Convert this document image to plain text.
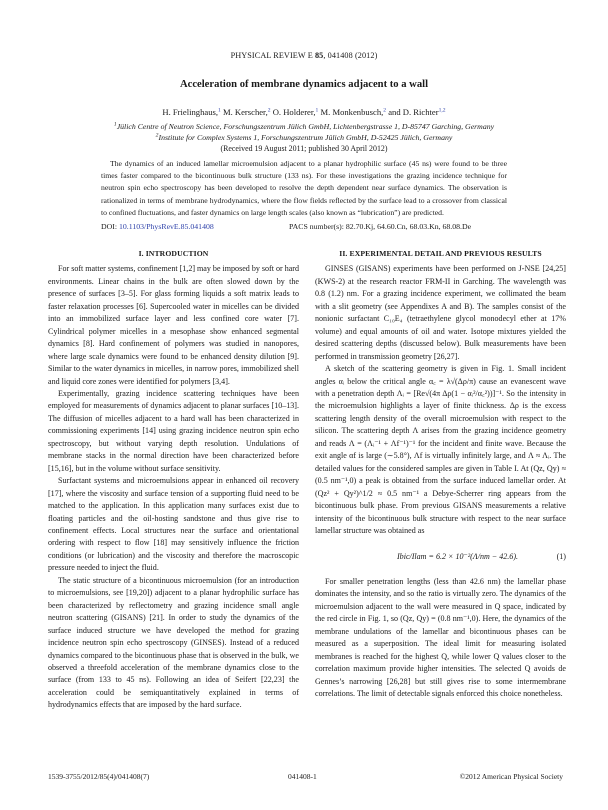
PHYSICAL REVIEW E 85, 041408 (2012)
Acceleration of membrane dynamics adjacent to a wall
H. Frielinghaus,$^1$ M. Kerscher,$^2$ O. Holderer,$^1$ M. Monkenbusch,$^2$ and D. Richter$^{1,2}$
$^1$Jülich Centre of Neutron Science, Forschungszentrum Jülich GmbH, Lichtenbergstrasse 1, D-85747 Garching, Germany
$^2$Institute for Complex Systems 1, Forschungszentrum Jülich GmbH, D-52425 Jülich, Germany
(Received 19 August 2011; published 30 April 2012)
The dynamics of an induced lamellar microemulsion adjacent to a planar hydrophilic surface (45 ns) were found to be three times faster compared to the bicontinuous bulk structure (133 ns). For these investigations the grazing incidence technique for neutron spin echo spectroscopy has been developed to resolve the depth dependent near surface dynamics. The observation is rationalized in terms of membrane hydrodynamics, where the flow fields reflected by the surface lead to a crossover from classical to confined fluctuations, and faster dynamics on large length scales (also known as “lubrication”) are predicted.
DOI: 10.1103/PhysRevE.85.041408	PACS number(s): 82.70.Kj, 64.60.Cn, 68.03.Kn, 68.08.De
I. INTRODUCTION

For soft matter systems, confinement [1,2] may be imposed by soft or hard environments. Linear chains in the bulk are often slowed down by the presence of surfaces [3–5]. For glass forming liquids a soft matrix leads to faster relaxation processes [6]. Supercooled water in micelles can be divided into an immobilized surface layer and less confined core water [7]. Cylindrical polymer micelles in a mesophase show enhanced segmental dynamics [8]. Hard confinement of polymers was studied in nanopores, where large scale dynamics were found to be enhanced density dilution [9]. Similar to the water dynamics in micelles, in narrow pores, immobilized shell and liquid core zones were identified for polymers [3,4].

Experimentally, grazing incidence scattering techniques have been employed for measurements of dynamics adjacent to planar surfaces [10–13]. The diffusion of micelles adjacent to a hard wall has been characterized in commissioning experiments [14] using grazing incidence neutron spin echo spectroscopy, but without varying depth resolution. Undulations of membrane stacks in the normal direction have been characterized before [15,16], but in the volume without surface sensitivity.

Surfactant systems and microemulsions appear in enhanced oil recovery [17], where the viscosity and surface tension of a supporting fluid need to be matched to the application. In this application many surfaces exist due to floating particles and the oil-hosting sandstone and thus give rise to confinement effects. Local structures near the surface and orientational ordering with respect to flow [18] may sensitively influence the friction conditions (or lubrication) and the viscosity and therefore the macroscopic pressure needed to inject the fluid.

The static structure of a bicontinuous microemulsion (for an introduction to microemulsions, see [19,20]) adjacent to a planar hydrophilic surface has been characterized by reflectometry and grazing incidence small angle neutron scattering (GISANS) [21]. In order to study the dynamics of the surface induced structure we have developed the method for grazing incidence neutron spin echo spectroscopy (GINSES). Instead of a reduced dynamics compared to the bicontinuous phase that is observed in the bulk, we observed a threefold acceleration of the membrane dynamics close to the surface (from 133 to 45 ns). Following an idea of Seifert [22,23] the acceleration could be semiquantitatively explained in terms of hydrodynamics effects that are imposed by the hard surface.

II. EXPERIMENTAL DETAIL AND PREVIOUS RESULTS

GINSES (GISANS) experiments have been performed on J-NSE [24,25] (KWS-2) at the research reactor FRM-II in Garching. The wavelength was 0.8 (1.2) nm. For a grazing incidence experiment, we collimated the beam with a slit geometry (see Appendixes A and B). The samples consist of the nonionic surfactant C₁₀E₄ (tetraethylene glycol monodecyl ether at 17% volume) and equal amounts of oil and water. Isotope mixtures yielded the desired scattering depths (discussed below). Bulk measurements have been performed in transmission geometry [26,27].

A sketch of the scattering geometry is given in Fig. 1. Small incident angles αᵢ below the critical angle α꜀ = λ√(Δρ/π) cause an evanescent wave with a penetration depth Λᵢ = [Re√(4π Δρ(1 − αᵢ²/α꜀²))]⁻¹. So the intensity in the microemulsion highlights a layer of finite thickness. Δρ is the excess scattering length density of the overall microemulsion with respect to the silicon. The scattering depth Λ arises from the grazing incidence geometry and reads Λ = (Λᵢ⁻¹ + Λf⁻¹)⁻¹ for the incident and finite wave. Because the exit angle αf is large (∼5.8°), Λf is virtually infinitely large, and Λ ≈ Λᵢ. The detailed values for the considered samples are given in Table I. At (Qz, Qy) ≈ (0.5 nm⁻¹,0) a peak is obtained from the surface induced lamellar order. At (Qz² + Qy²)^1/2 ≈ 0.5 nm⁻¹ a Debye-Scherrer ring appears from the bicontinuous bulk phase. From previous GISANS measurements a relative intensity of the bicontinuous bulk structure with respect to the near surface lamellar structure was obtained as

Ibic/Ilam = 6.2 × 10⁻²(Λ/nm − 42.6).	(1)

For smaller penetration lengths (less than 42.6 nm) the lamellar phase dominates the intensity, and so the ratio is virtually zero. The dynamics of the microemulsion adjacent to the wall were measured in Q space, indicated by the red circle in Fig. 1, so (Qz, Qy) = (0.8 nm⁻¹,0). Here, the dynamics of the membrane undulations of the lamellar and bicontinuous phases can be measured as a superposition. The ideal limit for measuring isolated membranes is reached for the highest Q, while lower Q values closer to the correlation maximum provide higher intensities. The selected Q avoids de Gennes’s narrowing [26,28] but still gives rise to some intermembrane correlations. The limit of detectable signals enforced this choice nonetheless.

1539-3755/2012/85(4)/041408(7)	041408-1	©2012 American Physical Society
